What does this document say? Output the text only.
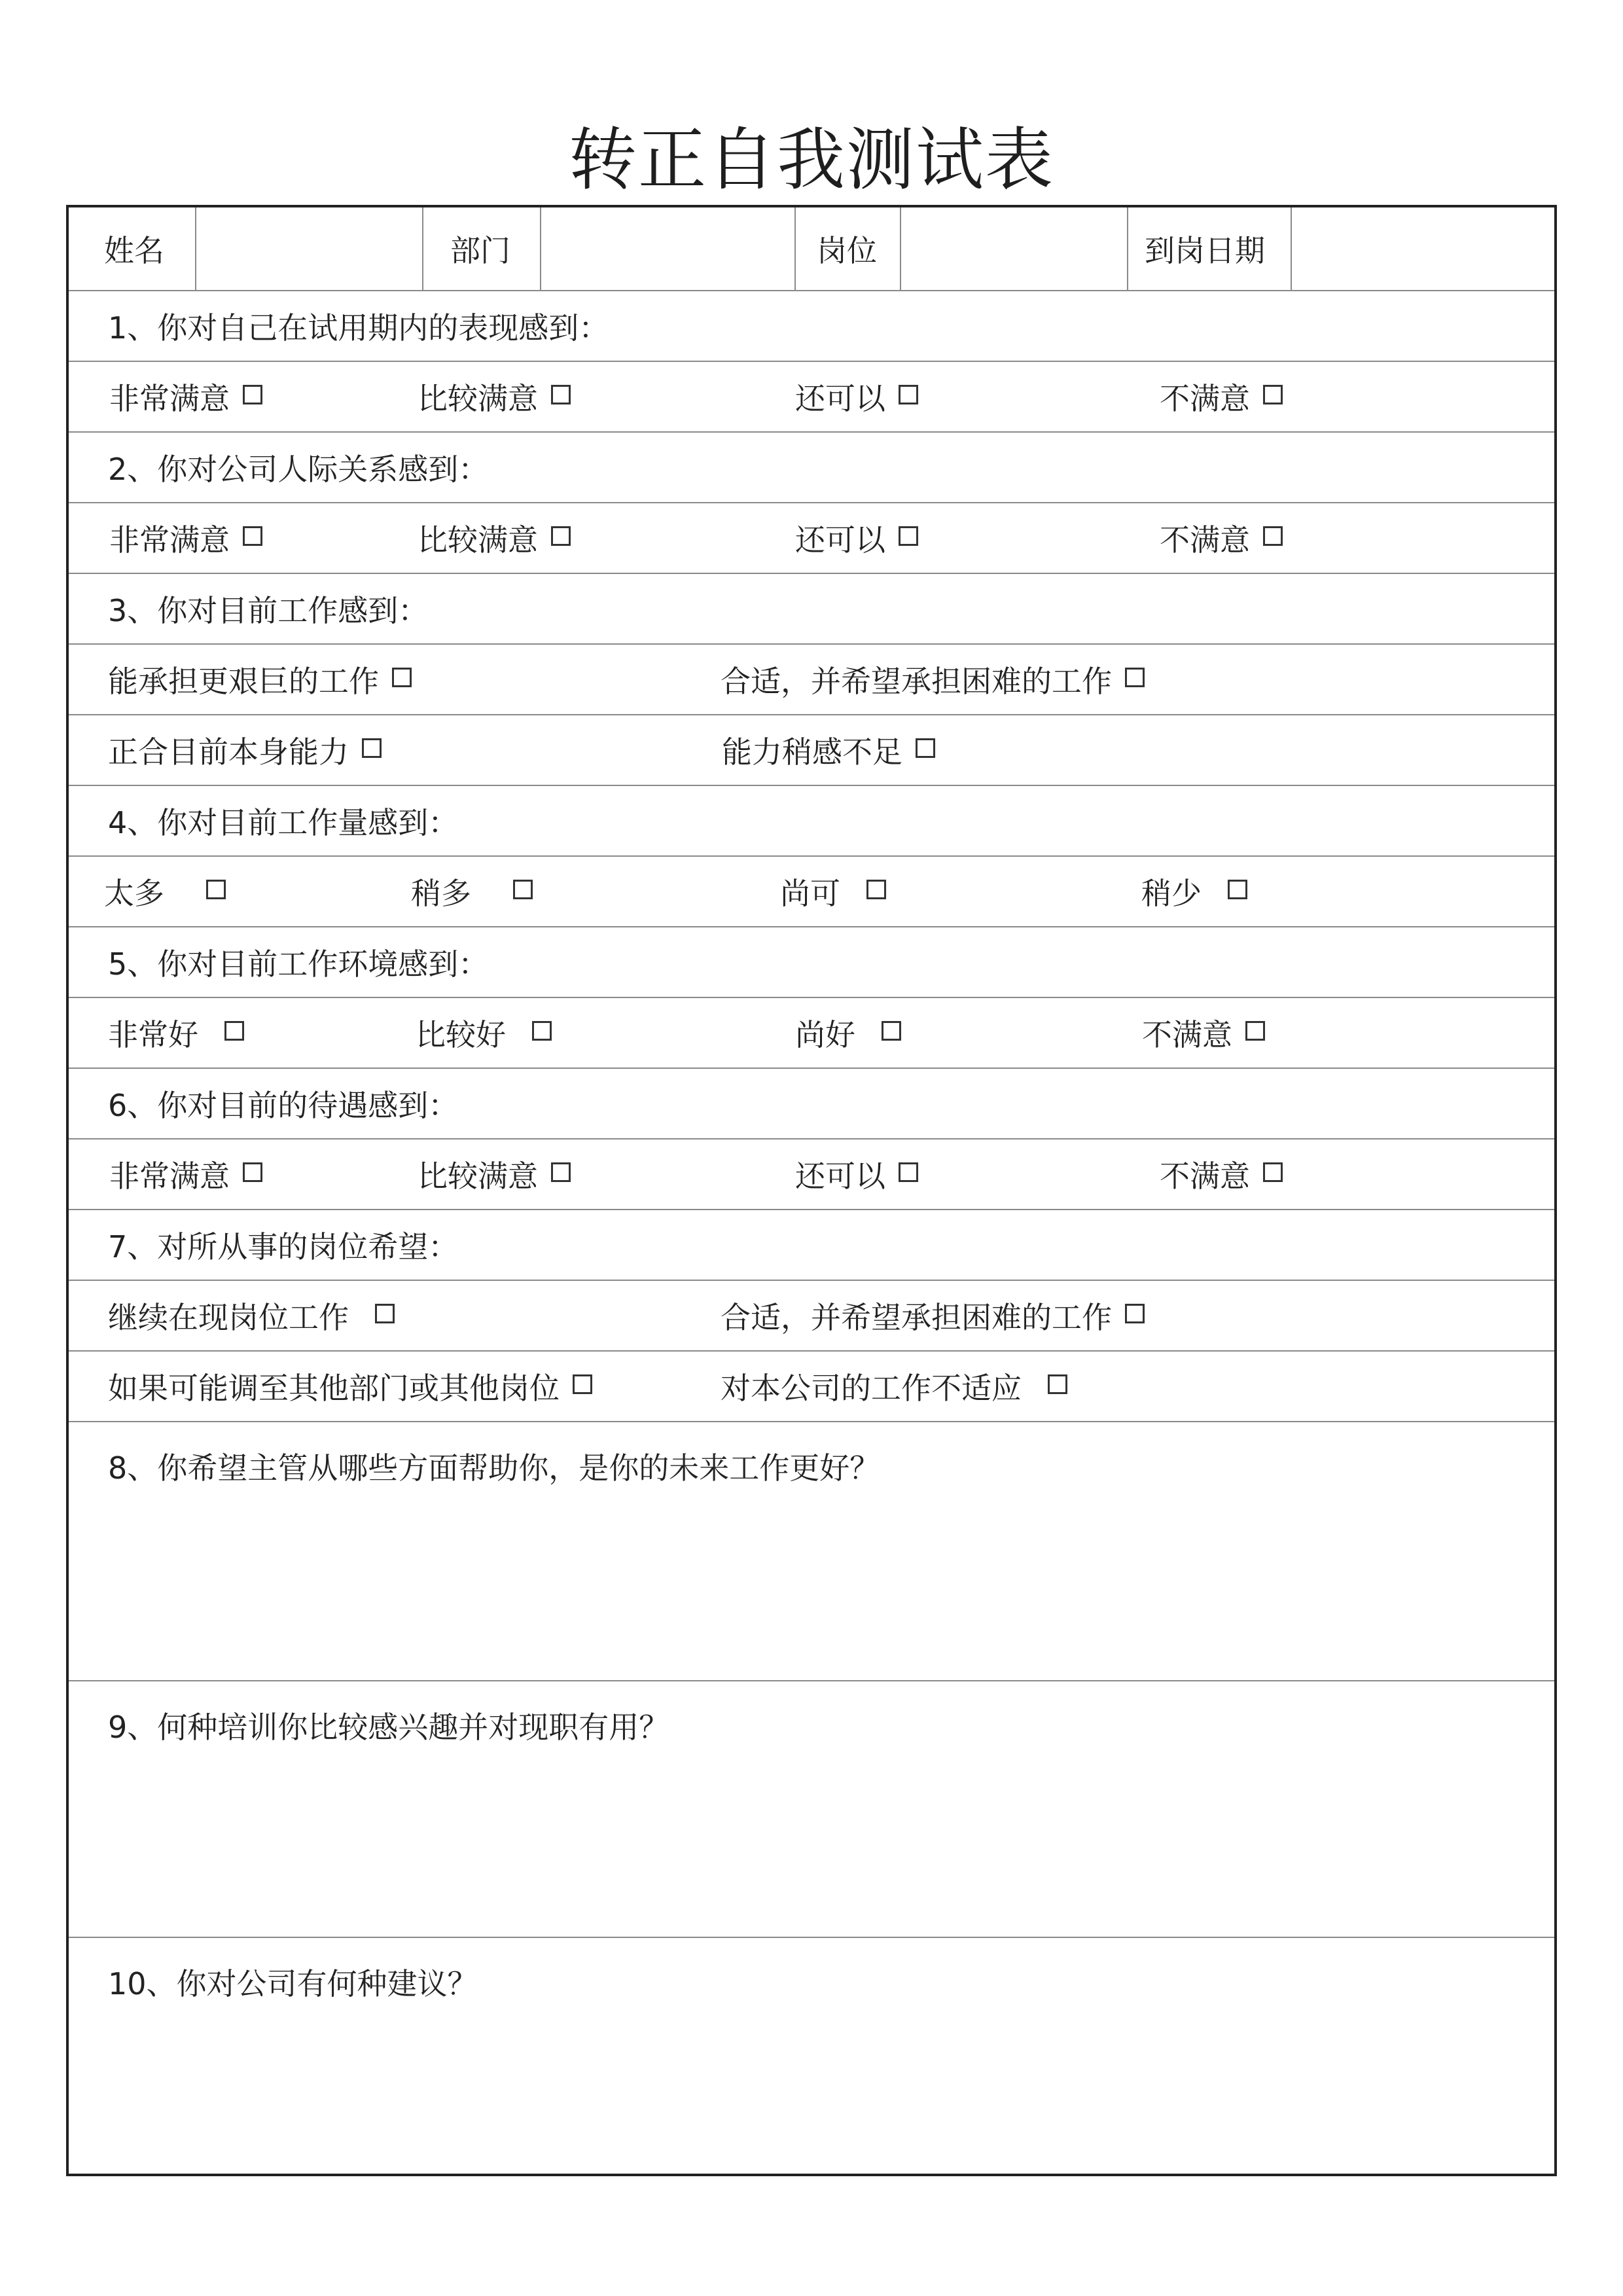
转正自我测试表
姓名	部门	岗位	到岗日期
1、你对自己在试用期内的表现感到：
非常满意	比较满意	还可以	不满意
2、你对公司人际关系感到：
非常满意	比较满意	还可以	不满意
3、你对目前工作感到：
能承担更艰巨的工作	合适，并希望承担困难的工作
正合目前本身能力	能力稍感不足
4、你对目前工作量感到：
太多	稍多	尚可	稍少
5、你对目前工作环境感到：
非常好	比较好	尚好	不满意
6、你对目前的待遇感到：
非常满意	比较满意	还可以	不满意
7、对所从事的岗位希望：
继续在现岗位工作	合适，并希望承担困难的工作
如果可能调至其他部门或其他岗位	对本公司的工作不适应
8、你希望主管从哪些方面帮助你，是你的未来工作更好？
9、何种培训你比较感兴趣并对现职有用？
10、你对公司有何种建议？
